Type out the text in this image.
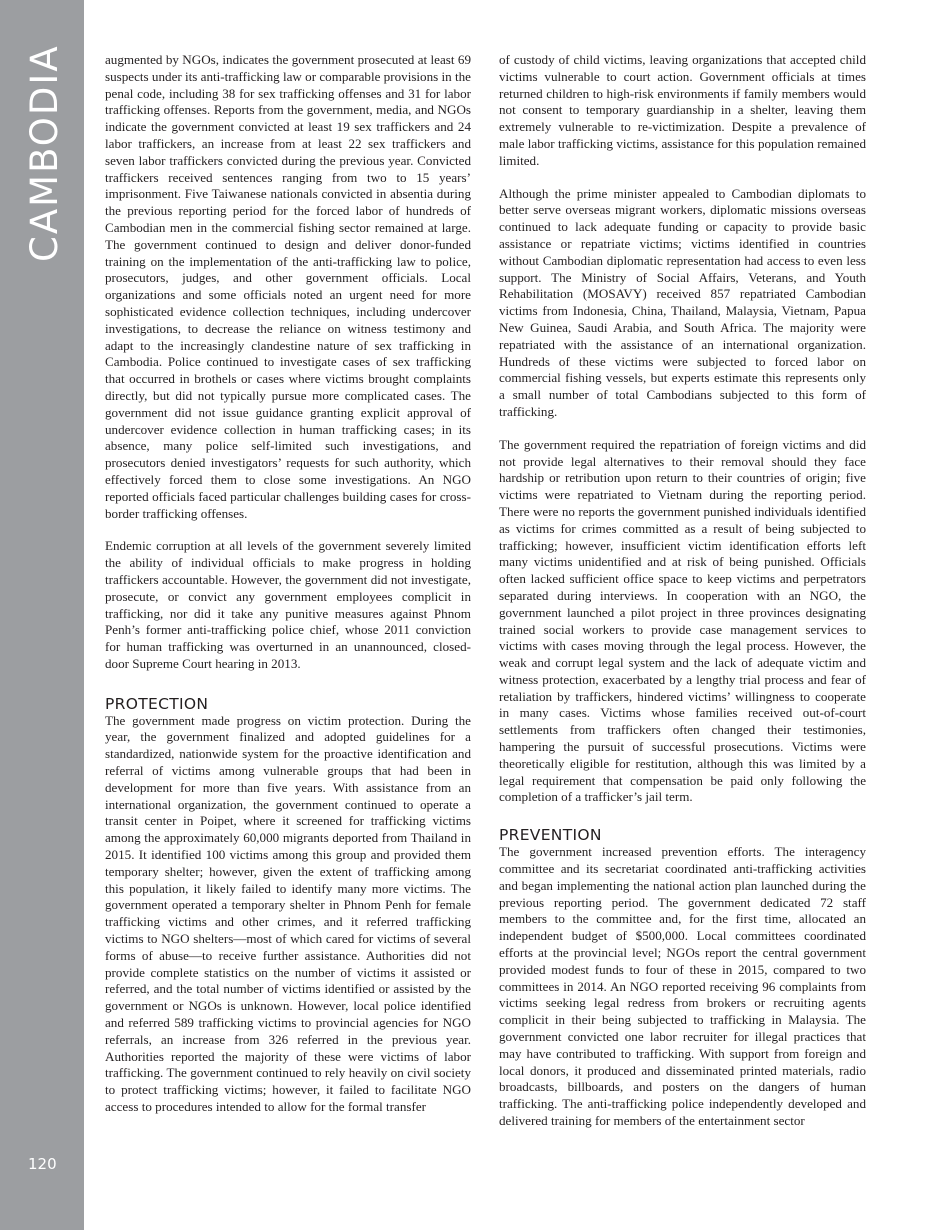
CAMBODIA
120

augmented by NGOs, indicates the government prosecuted at least 69 suspects under its anti-trafficking law or comparable provisions in the penal code, including 38 for sex trafficking offenses and 31 for labor trafficking offenses. Reports from the government, media, and NGOs indicate the government convicted at least 19 sex traffickers and 24 labor traffickers, an increase from at least 22 sex traffickers and seven labor traffickers convicted during the previous year. Convicted traffickers received sentences ranging from two to 15 years’ imprisonment. Five Taiwanese nationals convicted in absentia during the previous reporting period for the forced labor of hundreds of Cambodian men in the commercial fishing sector remained at large. The government continued to design and deliver donor-funded training on the implementation of the anti-trafficking law to police, prosecutors, judges, and other government officials. Local organizations and some officials noted an urgent need for more sophisticated evidence collection techniques, including undercover investigations, to decrease the reliance on witness testimony and adapt to the increasingly clandestine nature of sex trafficking in Cambodia. Police continued to investigate cases of sex trafficking that occurred in brothels or cases where victims brought complaints directly, but did not typically pursue more complicated cases. The government did not issue guidance granting explicit approval of undercover evidence collection in human trafficking cases; in its absence, many police self-limited such investigations, and prosecutors denied investigators’ requests for such authority, which effectively forced them to close some investigations. An NGO reported officials faced particular challenges building cases for cross-border trafficking offenses.

Endemic corruption at all levels of the government severely limited the ability of individual officials to make progress in holding traffickers accountable. However, the government did not investigate, prosecute, or convict any government employees complicit in trafficking, nor did it take any punitive measures against Phnom Penh’s former anti-trafficking police chief, whose 2011 conviction for human trafficking was overturned in an unannounced, closed-door Supreme Court hearing in 2013.

PROTECTION

The government made progress on victim protection. During the year, the government finalized and adopted guidelines for a standardized, nationwide system for the proactive identification and referral of victims among vulnerable groups that had been in development for more than five years. With assistance from an international organization, the government continued to operate a transit center in Poipet, where it screened for trafficking victims among the approximately 60,000 migrants deported from Thailand in 2015. It identified 100 victims among this group and provided them temporary shelter; however, given the extent of trafficking among this population, it likely failed to identify many more victims. The government operated a temporary shelter in Phnom Penh for female trafficking victims and other crimes, and it referred trafficking victims to NGO shelters—most of which cared for victims of several forms of abuse—to receive further assistance. Authorities did not provide complete statistics on the number of victims it assisted or referred, and the total number of victims identified or assisted by the government or NGOs is unknown. However, local police identified and referred 589 trafficking victims to provincial agencies for NGO referrals, an increase from 326 referred in the previous year. Authorities reported the majority of these were victims of labor trafficking. The government continued to rely heavily on civil society to protect trafficking victims; however, it failed to facilitate NGO access to procedures intended to allow for the formal transfer

of custody of child victims, leaving organizations that accepted child victims vulnerable to court action. Government officials at times returned children to high-risk environments if family members would not consent to temporary guardianship in a shelter, leaving them extremely vulnerable to re-victimization. Despite a prevalence of male labor trafficking victims, assistance for this population remained limited.

Although the prime minister appealed to Cambodian diplomats to better serve overseas migrant workers, diplomatic missions overseas continued to lack adequate funding or capacity to provide basic assistance or repatriate victims; victims identified in countries without Cambodian diplomatic representation had access to even less support. The Ministry of Social Affairs, Veterans, and Youth Rehabilitation (MOSAVY) received 857 repatriated Cambodian victims from Indonesia, China, Thailand, Malaysia, Vietnam, Papua New Guinea, Saudi Arabia, and South Africa. The majority were repatriated with the assistance of an international organization. Hundreds of these victims were subjected to forced labor on commercial fishing vessels, but experts estimate this represents only a small number of total Cambodians subjected to this form of trafficking.

The government required the repatriation of foreign victims and did not provide legal alternatives to their removal should they face hardship or retribution upon return to their countries of origin; five victims were repatriated to Vietnam during the reporting period. There were no reports the government punished individuals identified as victims for crimes committed as a result of being subjected to trafficking; however, insufficient victim identification efforts left many victims unidentified and at risk of being punished. Officials often lacked sufficient office space to keep victims and perpetrators separated during interviews. In cooperation with an NGO, the government launched a pilot project in three provinces designating trained social workers to provide case management services to victims with cases moving through the legal process. However, the weak and corrupt legal system and the lack of adequate victim and witness protection, exacerbated by a lengthy trial process and fear of retaliation by traffickers, hindered victims’ willingness to cooperate in many cases. Victims whose families received out-of-court settlements from traffickers often changed their testimonies, hampering the pursuit of successful prosecutions. Victims were theoretically eligible for restitution, although this was limited by a legal requirement that compensation be paid only following the completion of a trafficker’s jail term.

PREVENTION

The government increased prevention efforts. The interagency committee and its secretariat coordinated anti-trafficking activities and began implementing the national action plan launched during the previous reporting period. The government dedicated 72 staff members to the committee and, for the first time, allocated an independent budget of $500,000. Local committees coordinated efforts at the provincial level; NGOs report the central government provided modest funds to four of these in 2015, compared to two committees in 2014. An NGO reported receiving 96 complaints from victims seeking legal redress from brokers or recruiting agents complicit in their being subjected to trafficking in Malaysia. The government convicted one labor recruiter for illegal practices that may have contributed to trafficking. With support from foreign and local donors, it produced and disseminated printed materials, radio broadcasts, billboards, and posters on the dangers of human trafficking. The anti-trafficking police independently developed and delivered training for members of the entertainment sector
